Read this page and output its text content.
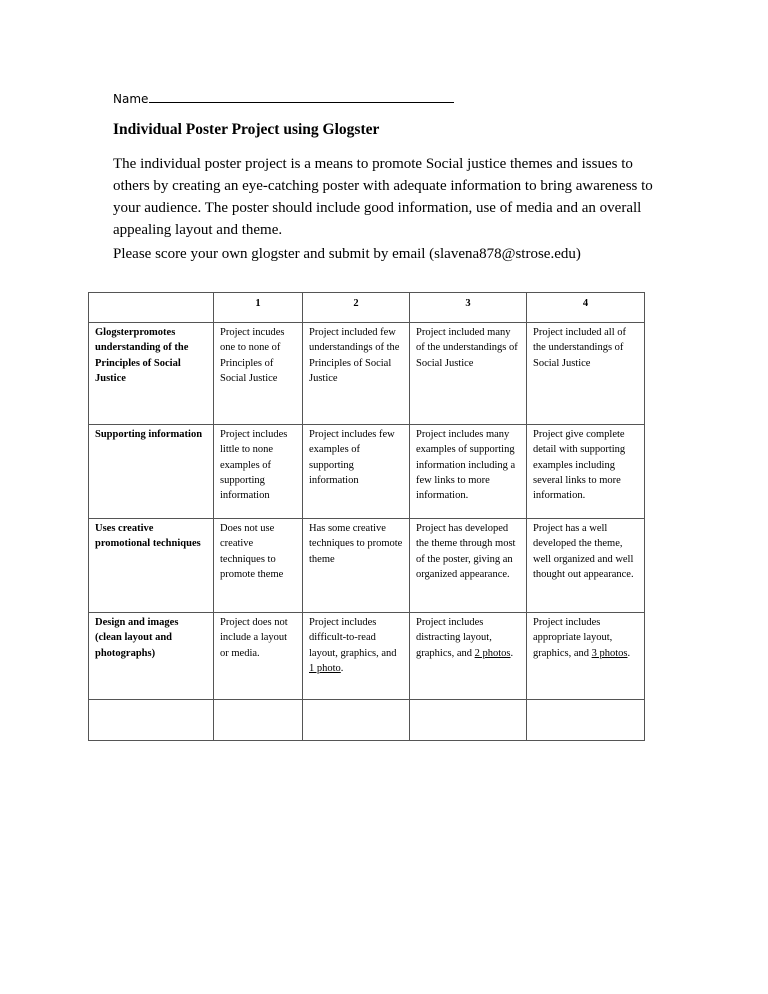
Name
Individual Poster Project using Glogster
The individual poster project is a means to promote Social justice themes and issues to
others by creating an eye-catching poster with adequate information to bring awareness to
your audience. The poster should include good information, use of media and an overall
appealing layout and theme.
Please score your own glogster and submit by email (slavena878@strose.edu)
	1	2	3	4
Glogsterpromotes understanding of the Principles of Social Justice	Project incudes one to none of Principles of Social Justice	Project included few understandings of the Principles of Social Justice	Project included many of the understandings of Social Justice	Project included all of the understandings of Social Justice
Supporting information	Project includes little to none examples of supporting information	Project includes few examples of supporting information	Project includes many examples of supporting information including a few links to more information.	Project give complete detail with supporting examples including several links to more information.
Uses creative promotional techniques	Does not use creative techniques to promote theme	Has some creative techniques to promote theme	Project has developed the theme through most of the poster, giving an organized appearance.	Project has a well developed the theme, well organized and well thought out appearance.
Design and images (clean layout and photographs)	Project does not include a layout or media.	Project includes difficult-to-read layout, graphics, and 1 photo.	Project includes distracting layout, graphics, and 2 photos.	Project includes appropriate layout, graphics, and 3 photos.
